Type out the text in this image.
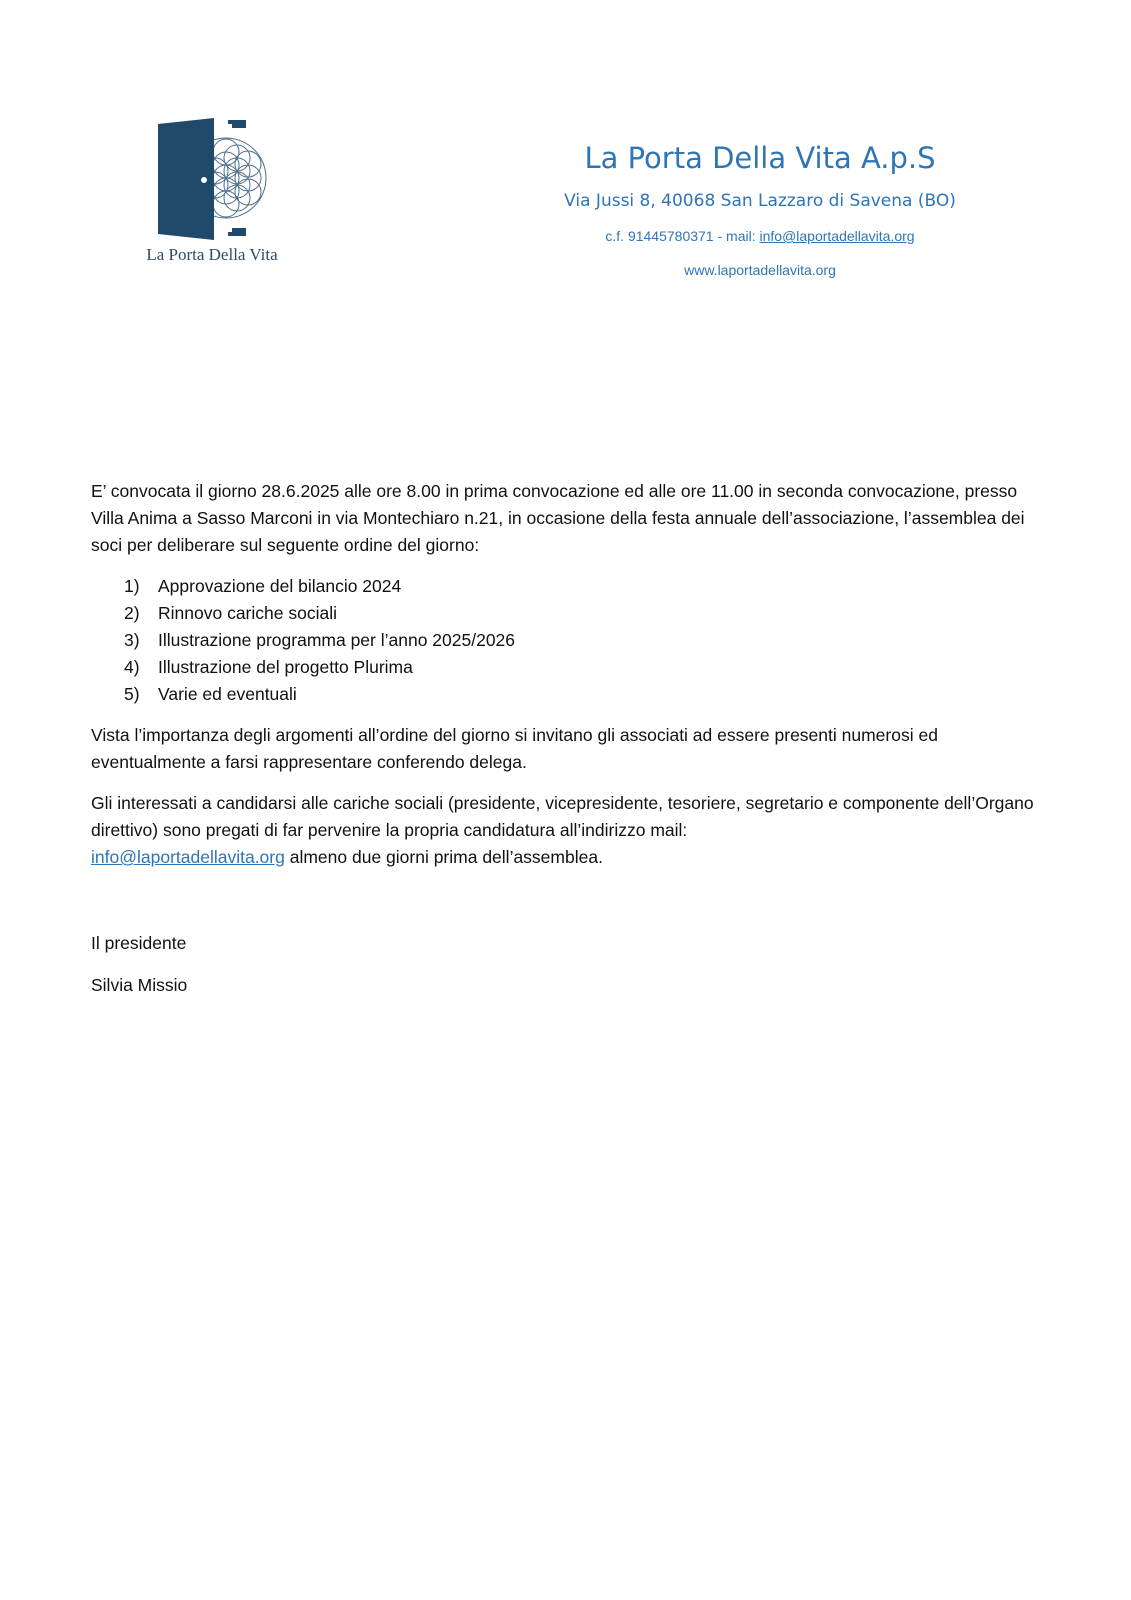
La Porta Della Vita
La Porta Della Vita A.p.S
Via Jussi 8, 40068 San Lazzaro di Savena (BO)
c.f. 91445780371 - mail: info@laportadellavita.org
www.laportadellavita.org

E’ convocata il giorno 28.6.2025 alle ore 8.00 in prima convocazione ed alle ore 11.00 in seconda convocazione, presso Villa Anima a Sasso Marconi in via Montechiaro n.21, in occasione della festa annuale dell’associazione, l’assemblea dei soci per deliberare sul seguente ordine del giorno:

1)	Approvazione del bilancio 2024
2)	Rinnovo cariche sociali
3)	Illustrazione programma per l’anno 2025/2026
4)	Illustrazione del progetto Plurima
5)	Varie ed eventuali

Vista l’importanza degli argomenti all’ordine del giorno si invitano gli associati ad essere presenti numerosi ed eventualmente a farsi rappresentare conferendo delega.

Gli interessati a candidarsi alle cariche sociali (presidente, vicepresidente, tesoriere, segretario e componente dell’Organo direttivo) sono pregati di far pervenire la propria candidatura all’indirizzo mail:
info@laportadellavita.org almeno due giorni prima dell’assemblea.

Il presidente
Silvia Missio
